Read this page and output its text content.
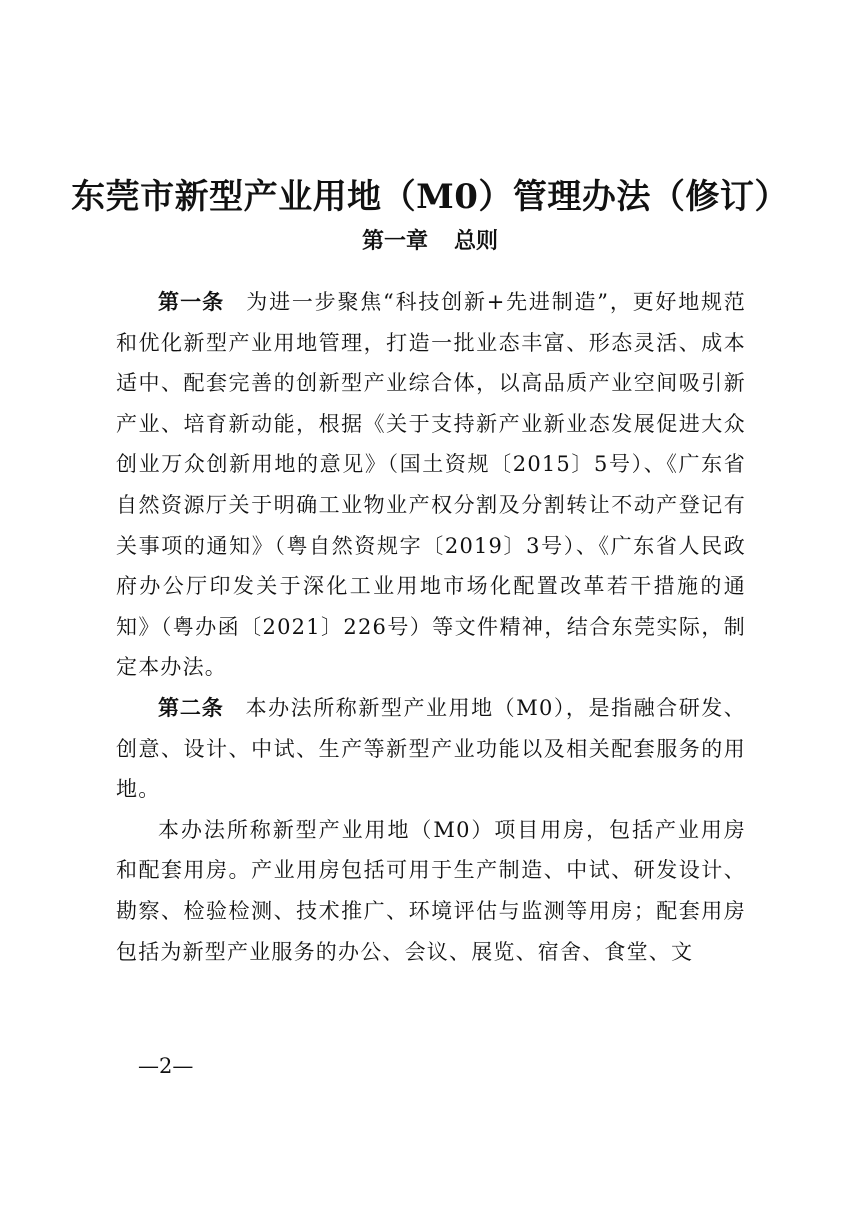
东莞市新型产业用地（M0）管理办法（修订）
第一章 总则

第一条 为进一步聚焦“科技创新+先进制造”，更好地规范和优化新型产业用地管理，打造一批业态丰富、形态灵活、成本适中、配套完善的创新型产业综合体，以高品质产业空间吸引新产业、培育新动能，根据《关于支持新产业新业态发展促进大众创业万众创新用地的意见》（国土资规〔2015〕5号）、《广东省自然资源厅关于明确工业物业产权分割及分割转让不动产登记有关事项的通知》（粤自然资规字〔2019〕3号）、《广东省人民政府办公厅印发关于深化工业用地市场化配置改革若干措施的通知》（粤办函〔2021〕226号）等文件精神，结合东莞实际，制定本办法。

第二条 本办法所称新型产业用地（M0），是指融合研发、创意、设计、中试、生产等新型产业功能以及相关配套服务的用地。

本办法所称新型产业用地（M0）项目用房，包括产业用房和配套用房。产业用房包括可用于生产制造、中试、研发设计、勘察、检验检测、技术推广、环境评估与监测等用房；配套用房包括为新型产业服务的办公、会议、展览、宿舍、食堂、文

—2—
